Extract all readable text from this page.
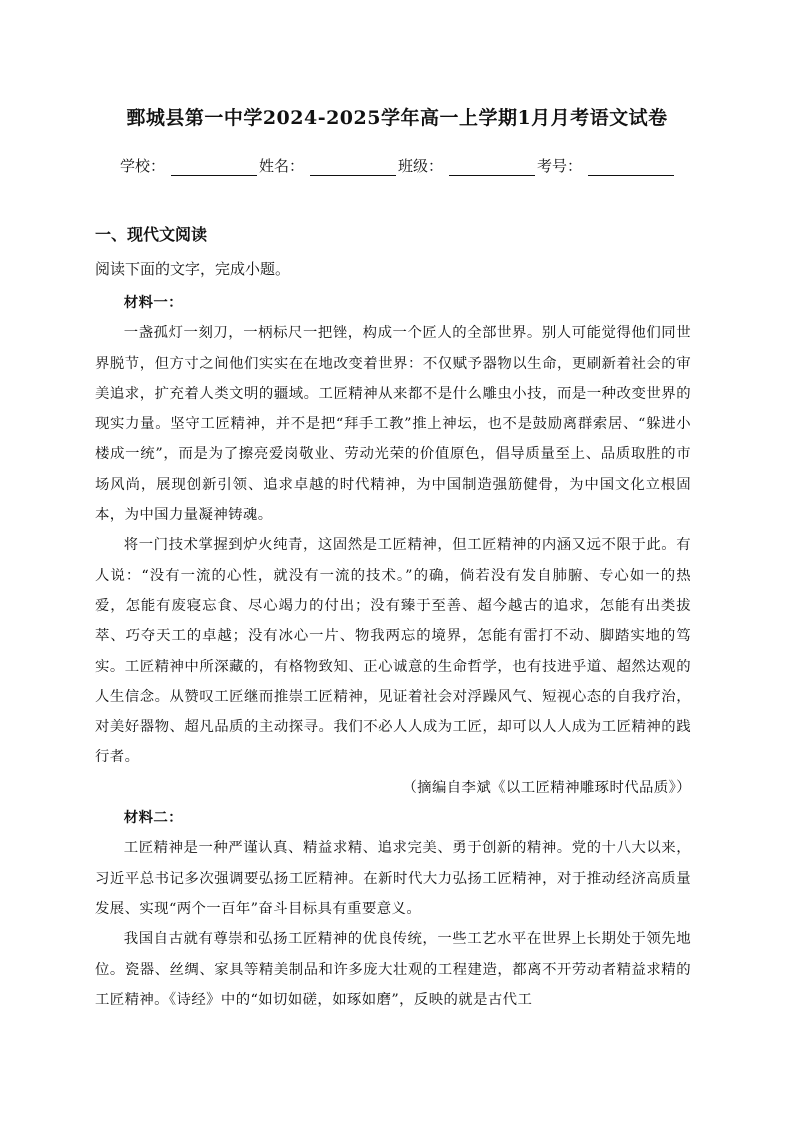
鄄城县第一中学2024-2025学年高一上学期1月月考语文试卷
学校：	姓名：	班级：	考号：
一、现代文阅读
阅读下面的文字，完成小题。

材料一：

一盏孤灯一刻刀，一柄标尺一把锉，构成一个匠人的全部世界。别人可能觉得他们同世界脱节，但方寸之间他们实实在在地改变着世界：不仅赋予器物以生命，更刷新着社会的审美追求，扩充着人类文明的疆域。工匠精神从来都不是什么雕虫小技，而是一种改变世界的现实力量。坚守工匠精神，并不是把“拜手工教”推上神坛，也不是鼓励离群索居、“躲进小楼成一统”，而是为了擦亮爱岗敬业、劳动光荣的价值原色，倡导质量至上、品质取胜的市场风尚，展现创新引领、追求卓越的时代精神，为中国制造强筋健骨，为中国文化立根固本，为中国力量凝神铸魂。

将一门技术掌握到炉火纯青，这固然是工匠精神，但工匠精神的内涵又远不限于此。有人说：“没有一流的心性，就没有一流的技术。”的确，倘若没有发自肺腑、专心如一的热爱，怎能有废寝忘食、尽心竭力的付出；没有臻于至善、超今越古的追求，怎能有出类拔萃、巧夺天工的卓越；没有冰心一片、物我两忘的境界，怎能有雷打不动、脚踏实地的笃实。工匠精神中所深藏的，有格物致知、正心诚意的生命哲学，也有技进乎道、超然达观的人生信念。从赞叹工匠继而推崇工匠精神，见证着社会对浮躁风气、短视心态的自我疗治，对美好器物、超凡品质的主动探寻。我们不必人人成为工匠，却可以人人成为工匠精神的践行者。

（摘编自李斌《以工匠精神雕琢时代品质》）

材料二：

工匠精神是一种严谨认真、精益求精、追求完美、勇于创新的精神。党的十八大以来，习近平总书记多次强调要弘扬工匠精神。在新时代大力弘扬工匠精神，对于推动经济高质量发展、实现“两个一百年”奋斗目标具有重要意义。

我国自古就有尊崇和弘扬工匠精神的优良传统，一些工艺水平在世界上长期处于领先地位。瓷器、丝绸、家具等精美制品和许多庞大壮观的工程建造，都离不开劳动者精益求精的工匠精神。《诗经》中的“如切如磋，如琢如磨”，反映的就是古代工
